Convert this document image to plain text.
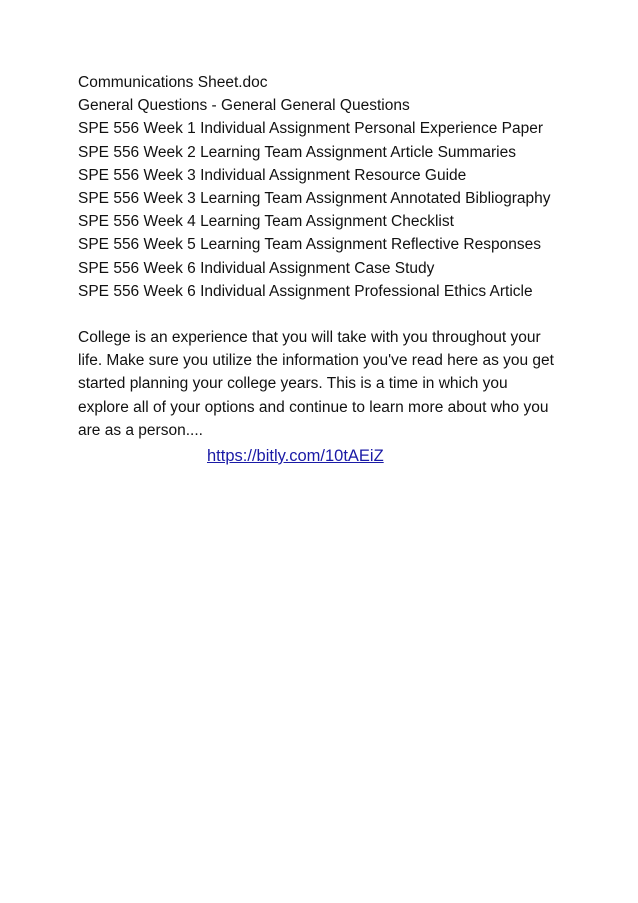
Communications Sheet.doc

General Questions - General General Questions

SPE 556 Week 1 Individual Assignment Personal Experience Paper

SPE 556 Week 2 Learning Team Assignment Article Summaries

SPE 556 Week 3 Individual Assignment Resource Guide

SPE 556 Week 3 Learning Team Assignment Annotated Bibliography

SPE 556 Week 4 Learning Team Assignment Checklist

SPE 556 Week 5 Learning Team Assignment Reflective Responses

SPE 556 Week 6 Individual Assignment Case Study

SPE 556 Week 6 Individual Assignment Professional Ethics Article

College is an experience that you will take with you throughout your life. Make sure you utilize the information you've read here as you get started planning your college years. This is a time in which you explore all of your options and continue to learn more about who you are as a person....

https://bitly.com/10tAEiZ
